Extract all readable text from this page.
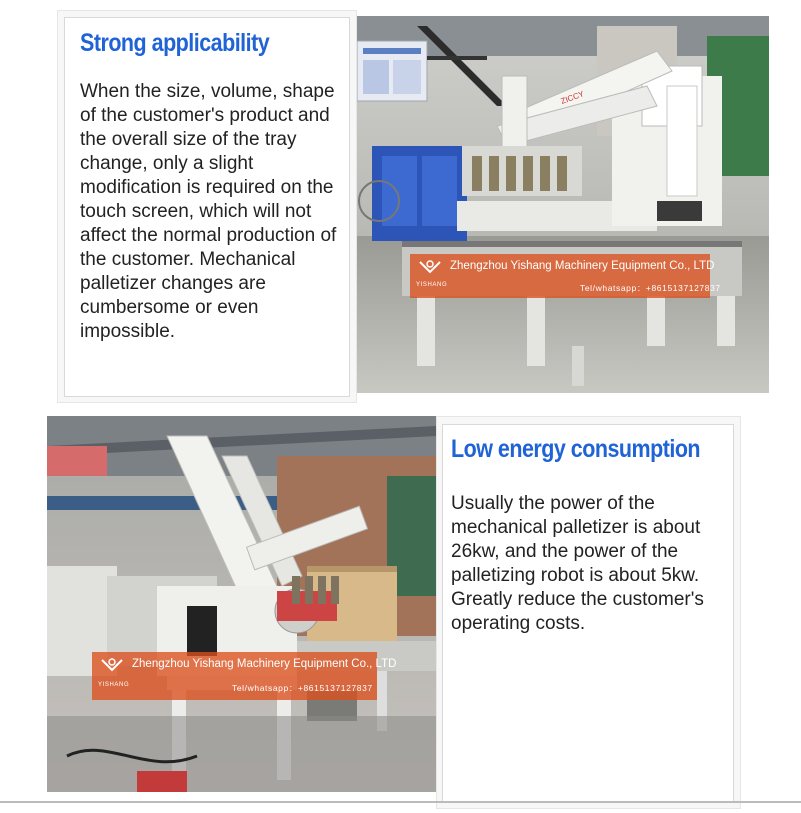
Strong applicability
When the size, volume, shape of the customer's product and the overall size of the tray change, only a slight modification is required on the touch screen, which will not affect the normal production of the customer. Mechanical palletizer changes are cumbersome or even impossible.
ZICCY
Zhengzhou Yishang Machinery Equipment Co., LTD
Tel/whatsapp：+8615137127837
YISHANG
Zhengzhou Yishang Machinery Equipment Co., LTD
Tel/whatsapp：+8615137127837
YISHANG
Low energy consumption
Usually the power of the mechanical palletizer is about 26kw, and the power of the palletizing robot is about 5kw. Greatly reduce the customer's operating costs.
